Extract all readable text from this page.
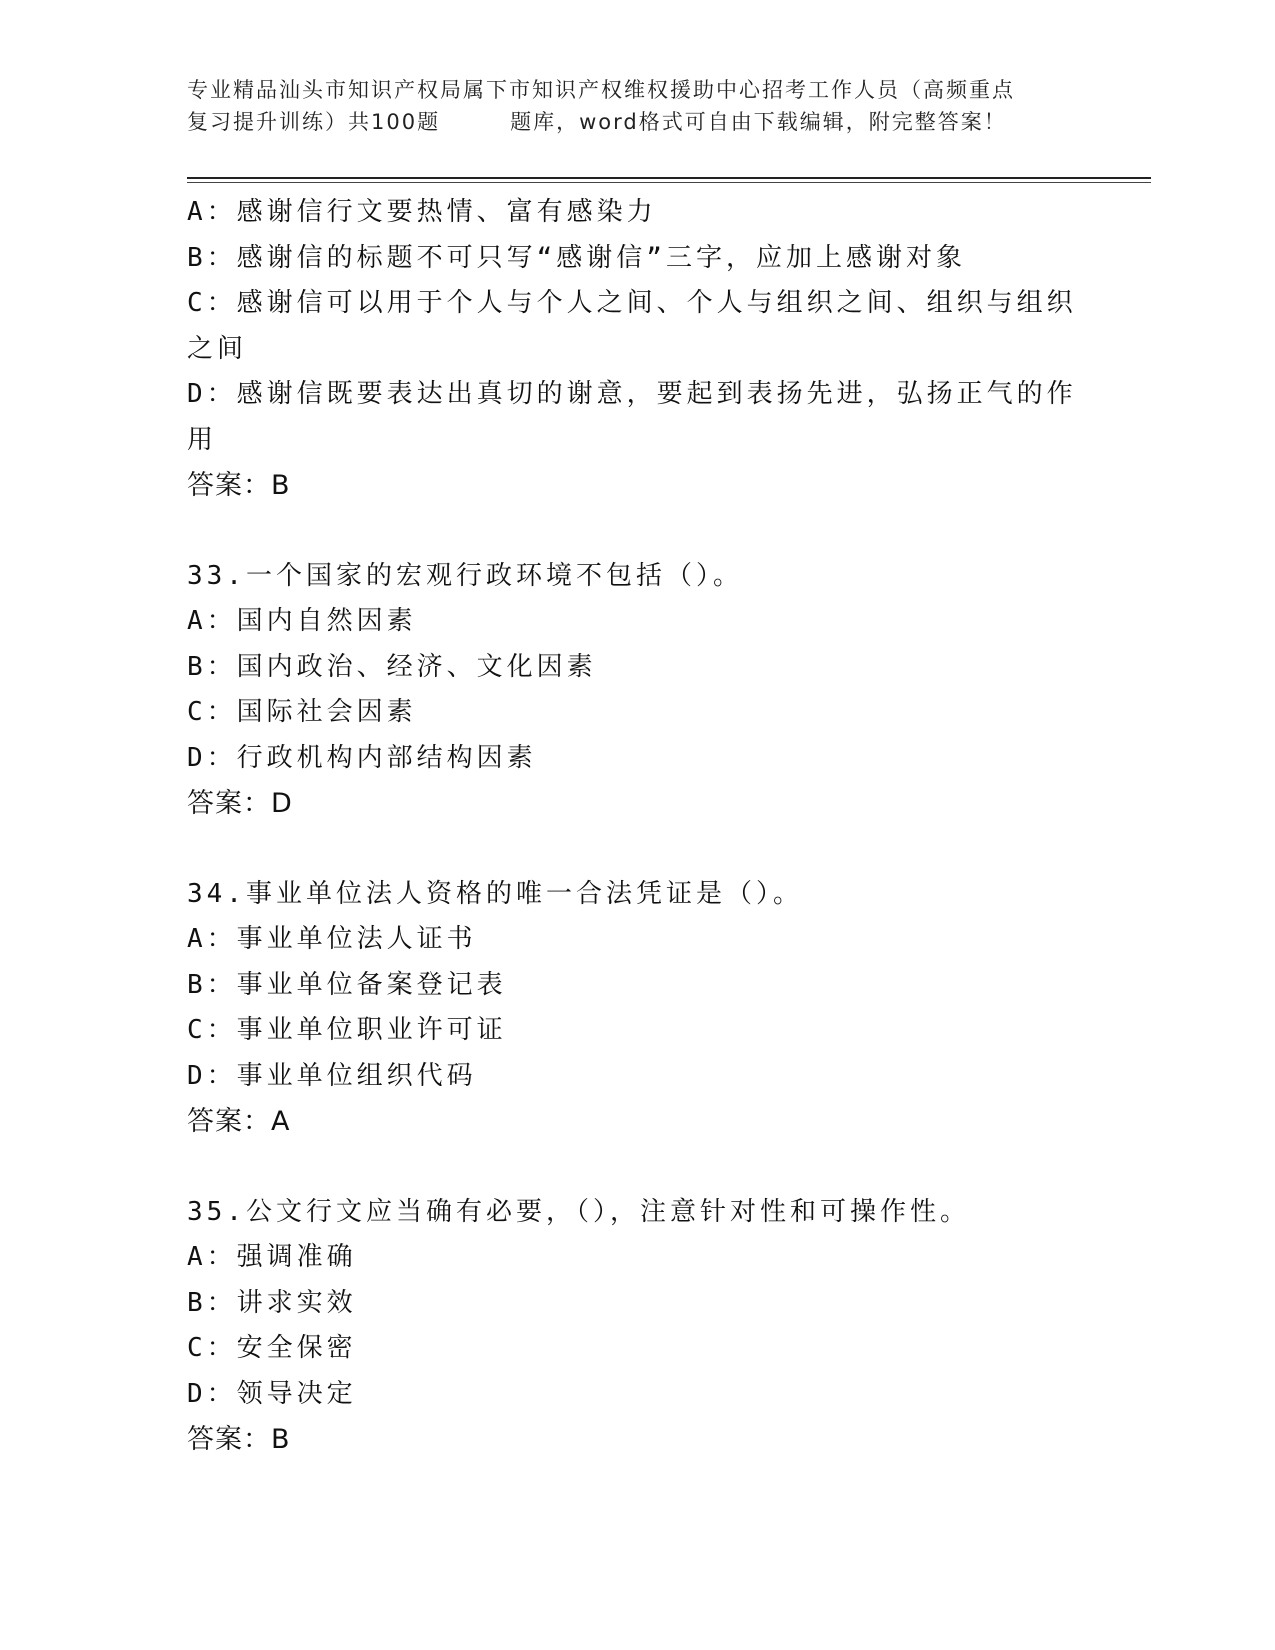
专业精品汕头市知识产权局属下市知识产权维权援助中心招考工作人员（高频重点
复习提升训练）共100题	题库，word格式可自由下载编辑，附完整答案！

A：感谢信行文要热情、富有感染力

B：感谢信的标题不可只写“感谢信”三字，应加上感谢对象

C：感谢信可以用于个人与个人之间、个人与组织之间、组织与组织之间

D：感谢信既要表达出真切的谢意，要起到表扬先进，弘扬正气的作用

答案：B

33.一个国家的宏观行政环境不包括（）。

A：国内自然因素

B：国内政治、经济、文化因素

C：国际社会因素

D：行政机构内部结构因素

答案：D

34.事业单位法人资格的唯一合法凭证是（）。

A：事业单位法人证书

B：事业单位备案登记表

C：事业单位职业许可证

D：事业单位组织代码

答案：A

35.公文行文应当确有必要，（），注意针对性和可操作性。

A：强调准确

B：讲求实效

C：安全保密

D：领导决定

答案：B
